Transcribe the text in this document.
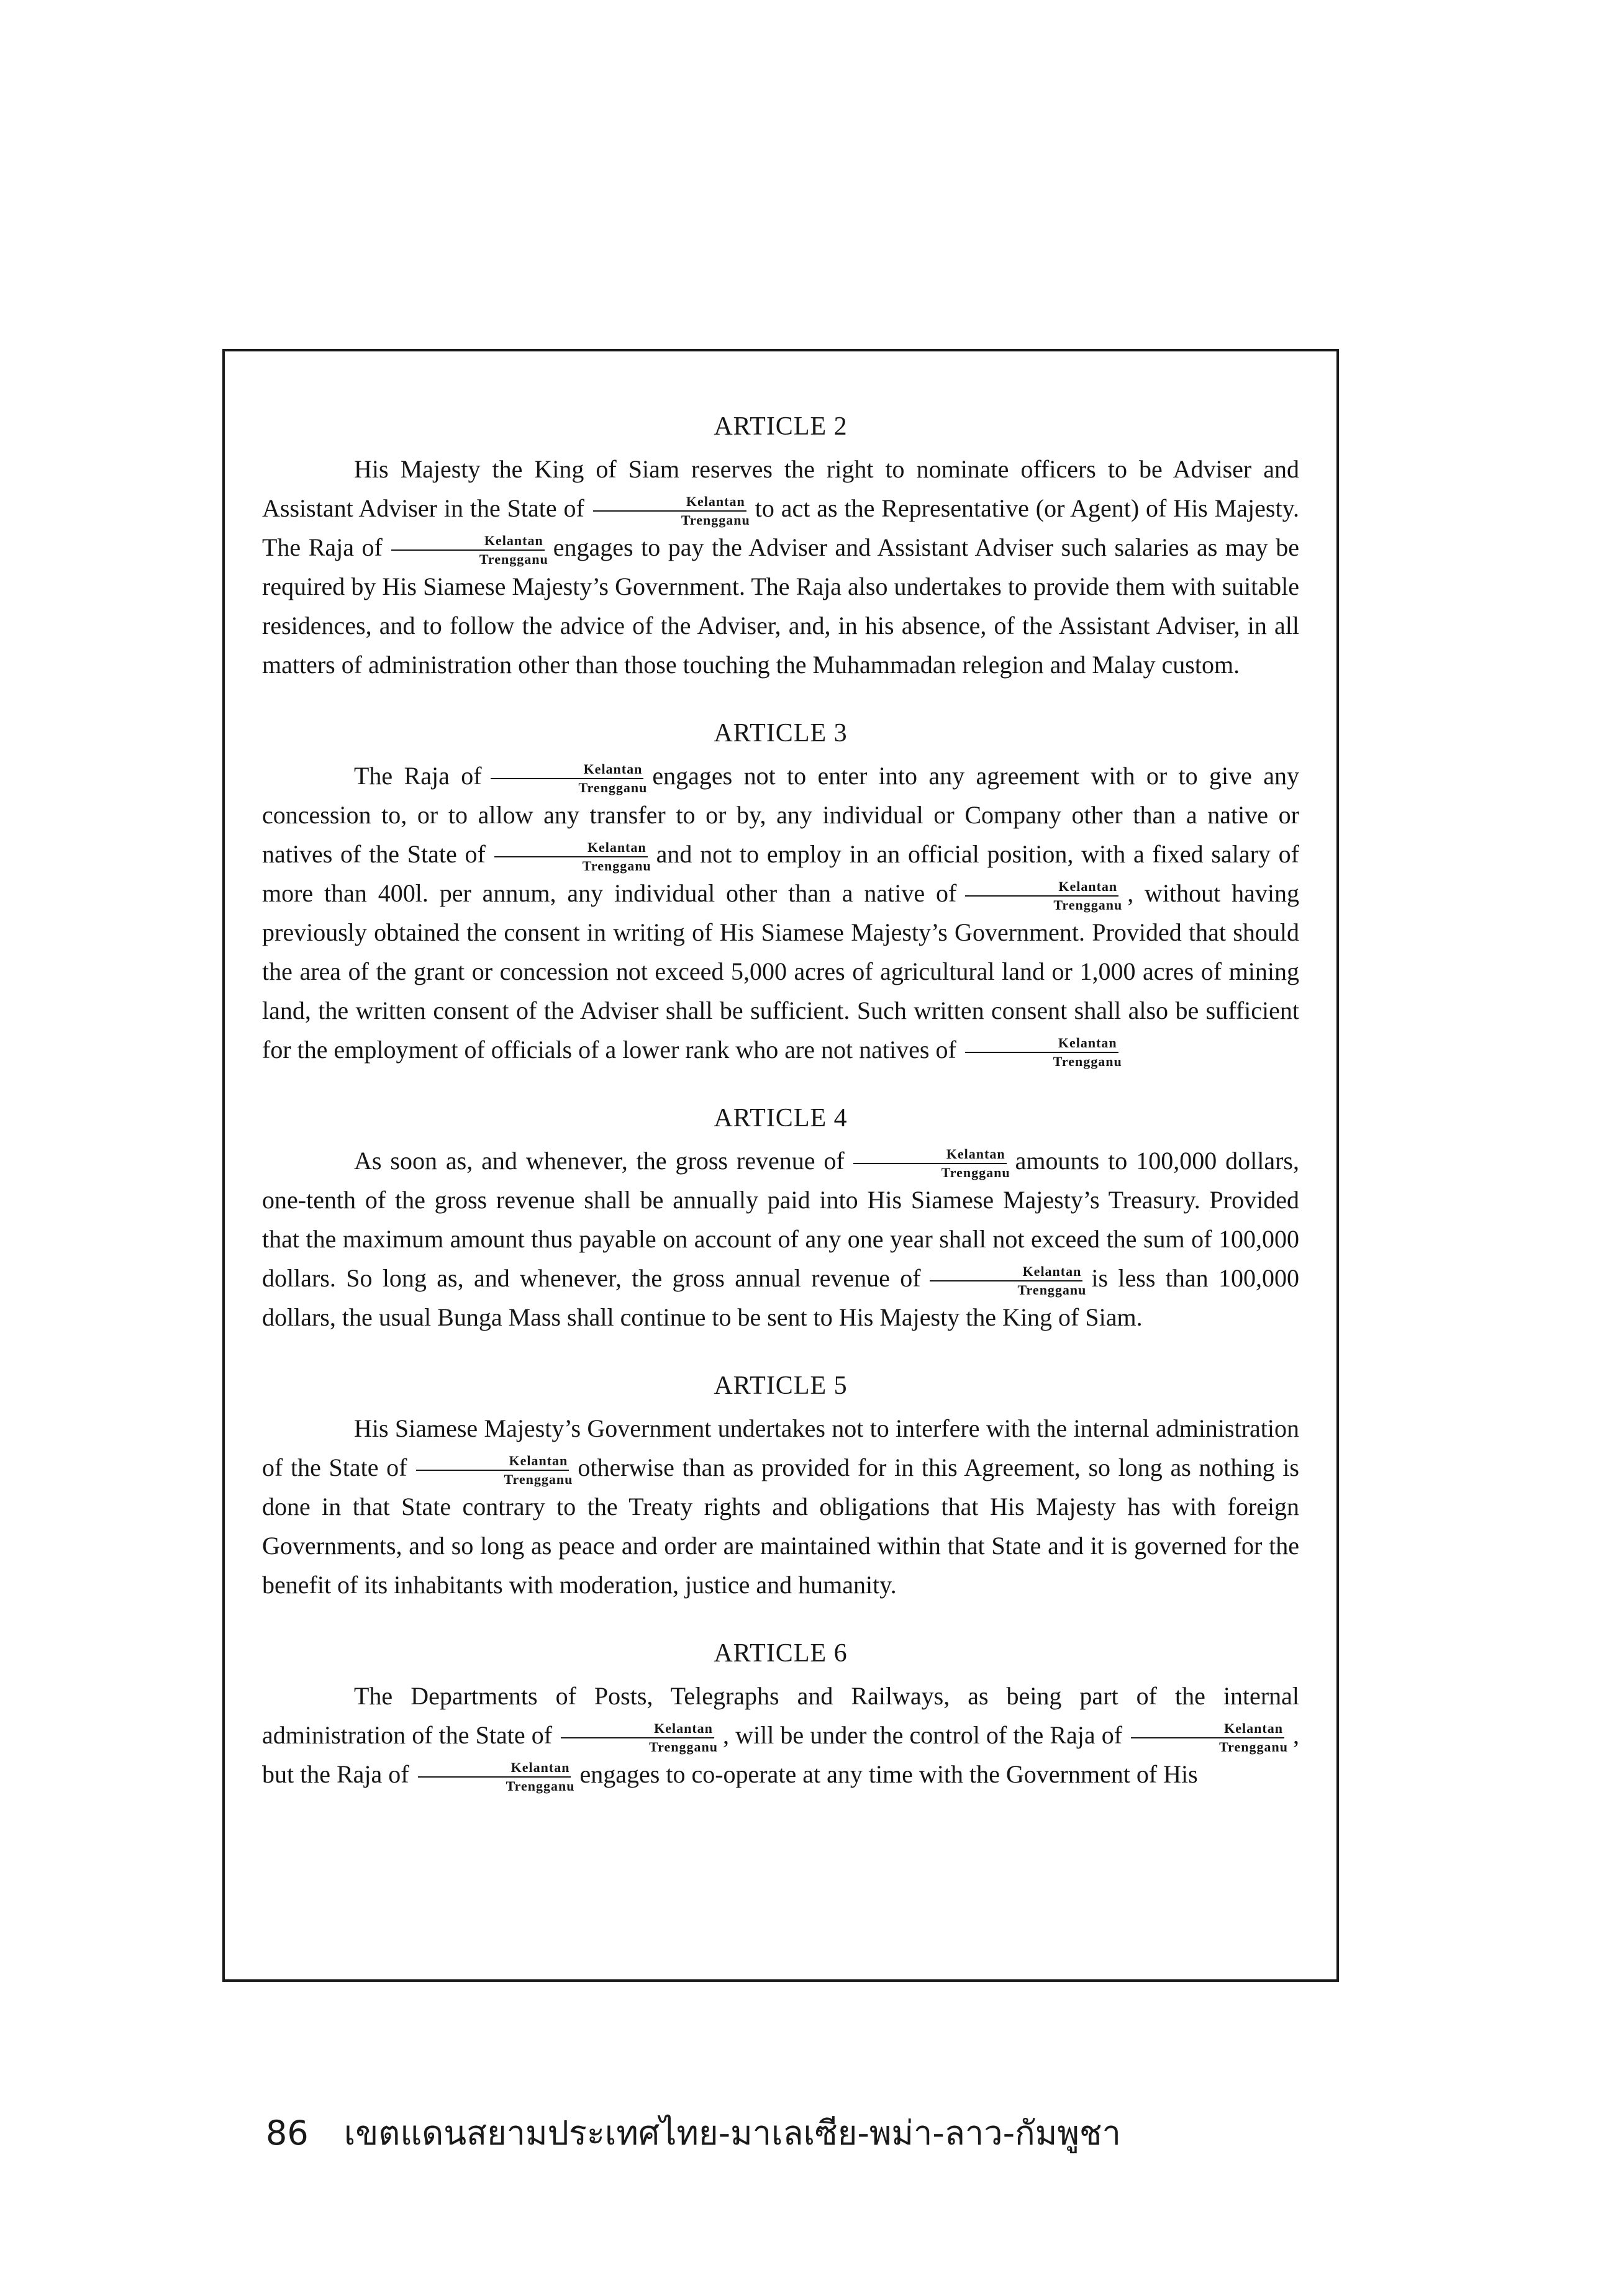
ARTICLE 2

His Majesty the King of Siam reserves the right to nominate officers to be Adviser and Assistant Adviser in the State of $\frac{\text{Kelantan}}{\text{Trengganu}}$ to act as the Representative (or Agent) of His Majesty. The Raja of $\frac{\text{Kelantan}}{\text{Trengganu}}$ engages to pay the Adviser and Assistant Adviser such salaries as may be required by His Siamese Majesty’s Government. The Raja also undertakes to provide them with suitable residences, and to follow the advice of the Adviser, and, in his absence, of the Assistant Adviser, in all matters of administration other than those touching the Muhammadan relegion and Malay custom.

ARTICLE 3

The Raja of $\frac{\text{Kelantan}}{\text{Trengganu}}$ engages not to enter into any agreement with or to give any concession to, or to allow any transfer to or by, any individual or Company other than a native or natives of the State of $\frac{\text{Kelantan}}{\text{Trengganu}}$ and not to employ in an official position, with a fixed salary of more than 400l. per annum, any individual other than a native of $\frac{\text{Kelantan}}{\text{Trengganu}}$ , without having previously obtained the consent in writing of His Siamese Majesty’s Government. Provided that should the area of the grant or concession not exceed 5,000 acres of agricultural land or 1,000 acres of mining land, the written consent of the Adviser shall be sufficient. Such written consent shall also be sufficient for the employment of officials of a lower rank who are not natives of $\frac{\text{Kelantan}}{\text{Trengganu}}$

ARTICLE 4

As soon as, and whenever, the gross revenue of $\frac{\text{Kelantan}}{\text{Trengganu}}$ amounts to 100,000 dollars, one-tenth of the gross revenue shall be annually paid into His Siamese Majesty’s Treasury. Provided that the maximum amount thus payable on account of any one year shall not exceed the sum of 100,000 dollars. So long as, and whenever, the gross annual revenue of $\frac{\text{Kelantan}}{\text{Trengganu}}$ is less than 100,000 dollars, the usual Bunga Mass shall continue to be sent to His Majesty the King of Siam.

ARTICLE 5

His Siamese Majesty’s Government undertakes not to interfere with the internal administration of the State of $\frac{\text{Kelantan}}{\text{Trengganu}}$ otherwise than as provided for in this Agreement, so long as nothing is done in that State contrary to the Treaty rights and obligations that His Majesty has with foreign Governments, and so long as peace and order are maintained within that State and it is governed for the benefit of its inhabitants with moderation, justice and humanity.

ARTICLE 6

The Departments of Posts, Telegraphs and Railways, as being part of the internal administration of the State of $\frac{\text{Kelantan}}{\text{Trengganu}}$ , will be under the control of the Raja of $\frac{\text{Kelantan}}{\text{Trengganu}}$ , but the Raja of $\frac{\text{Kelantan}}{\text{Trengganu}}$ engages to co-operate at any time with the Government of His

86 เขตแดนสยามประเทศไทย-มาเลเซีย-พม่า-ลาว-กัมพูชา
